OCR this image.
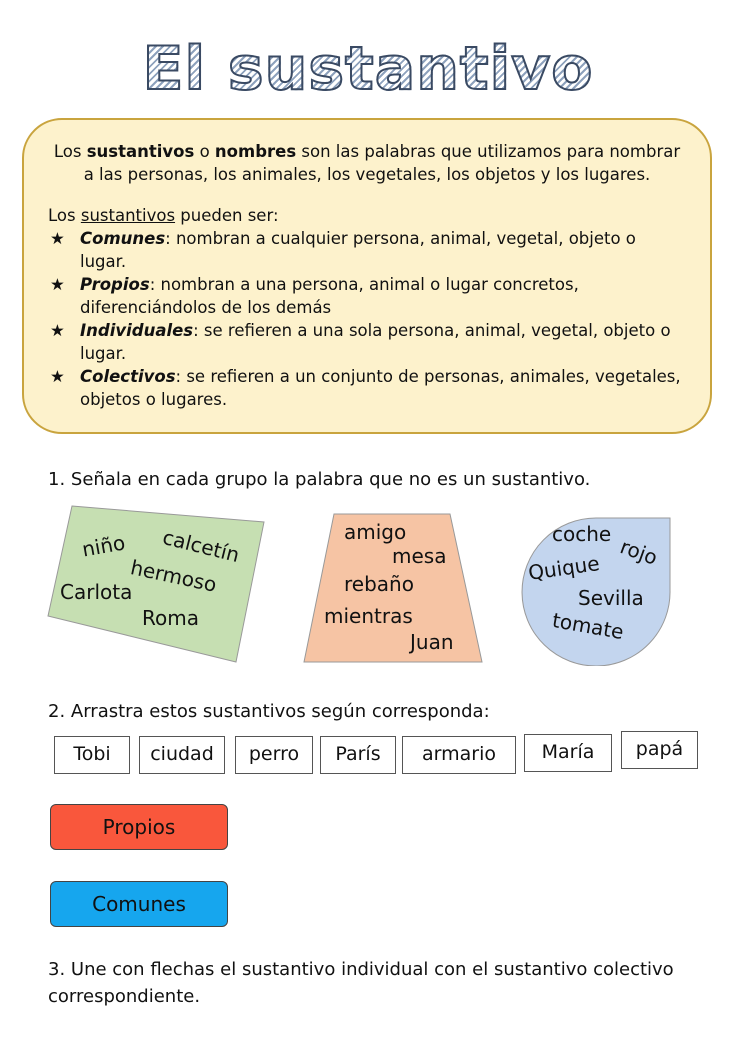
El sustantivo

Los sustantivos o nombres son las palabras que utilizamos para nombrar a las personas, los animales, los vegetales, los objetos y los lugares.

Los sustantivos pueden ser:

★ Comunes: nombran a cualquier persona, animal, vegetal, objeto o lugar.
★ Propios: nombran a una persona, animal o lugar concretos, diferenciándolos de los demás
★ Individuales: se refieren a una sola persona, animal, vegetal, objeto o lugar.
★ Colectivos: se refieren a un conjunto de personas, animales, vegetales, objetos o lugares.
1. Señala en cada grupo la palabra que no es un sustantivo.
niño calcetín
hermoso
Carlota
Roma
amigo
mesa
rebaño
mientras
Juan
coche
rojo
Quique
Sevilla
tomate
2. Arrastra estos sustantivos según corresponda:
Tobi	ciudad	perro	París	armario	María	papá
Propios
Comunes
3. Une con flechas el sustantivo individual con el sustantivo colectivo correspondiente.
